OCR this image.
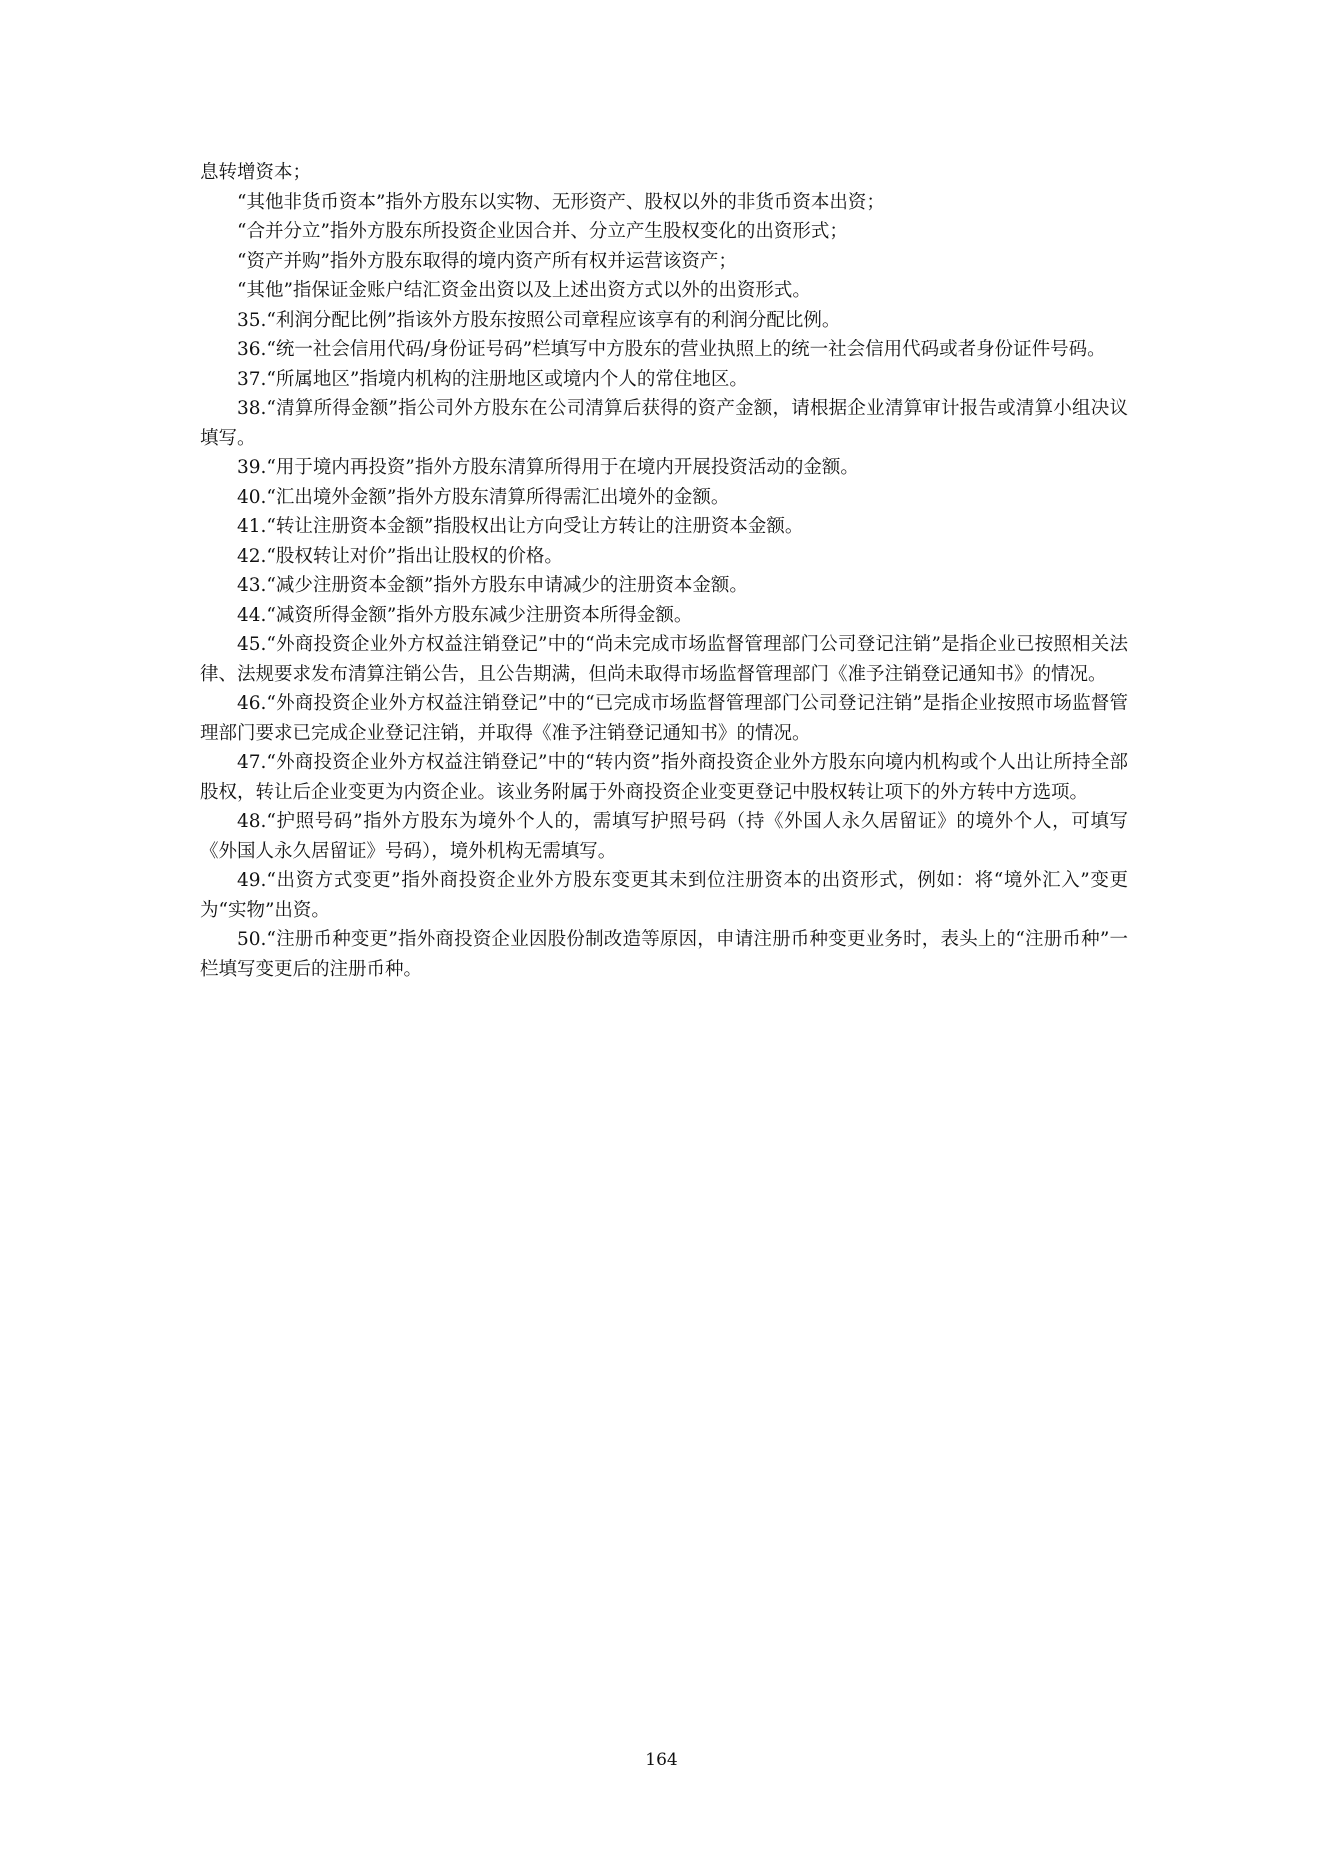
息转增资本；

“其他非货币资本”指外方股东以实物、无形资产、股权以外的非货币资本出资；

“合并分立”指外方股东所投资企业因合并、分立产生股权变化的出资形式；

“资产并购”指外方股东取得的境内资产所有权并运营该资产；

“其他”指保证金账户结汇资金出资以及上述出资方式以外的出资形式。

35.“利润分配比例”指该外方股东按照公司章程应该享有的利润分配比例。

36.“统一社会信用代码/身份证号码”栏填写中方股东的营业执照上的统一社会信用代码或者身份证件号码。

37.“所属地区”指境内机构的注册地区或境内个人的常住地区。

38.“清算所得金额”指公司外方股东在公司清算后获得的资产金额，请根据企业清算审计报告或清算小组决议填写。

39.“用于境内再投资”指外方股东清算所得用于在境内开展投资活动的金额。

40.“汇出境外金额”指外方股东清算所得需汇出境外的金额。

41.“转让注册资本金额”指股权出让方向受让方转让的注册资本金额。

42.“股权转让对价”指出让股权的价格。

43.“减少注册资本金额”指外方股东申请减少的注册资本金额。

44.“减资所得金额”指外方股东减少注册资本所得金额。

45.“外商投资企业外方权益注销登记”中的“尚未完成市场监督管理部门公司登记注销”是指企业已按照相关法律、法规要求发布清算注销公告，且公告期满，但尚未取得市场监督管理部门《准予注销登记通知书》的情况。

46.“外商投资企业外方权益注销登记”中的“已完成市场监督管理部门公司登记注销”是指企业按照市场监督管理部门要求已完成企业登记注销，并取得《准予注销登记通知书》的情况。

47.“外商投资企业外方权益注销登记”中的“转内资”指外商投资企业外方股东向境内机构或个人出让所持全部股权，转让后企业变更为内资企业。该业务附属于外商投资企业变更登记中股权转让项下的外方转中方选项。

48.“护照号码”指外方股东为境外个人的，需填写护照号码（持《外国人永久居留证》的境外个人，可填写《外国人永久居留证》号码），境外机构无需填写。

49.“出资方式变更”指外商投资企业外方股东变更其未到位注册资本的出资形式，例如：将“境外汇入”变更为“实物”出资。

50.“注册币种变更”指外商投资企业因股份制改造等原因，申请注册币种变更业务时，表头上的“注册币种”一栏填写变更后的注册币种。

164
